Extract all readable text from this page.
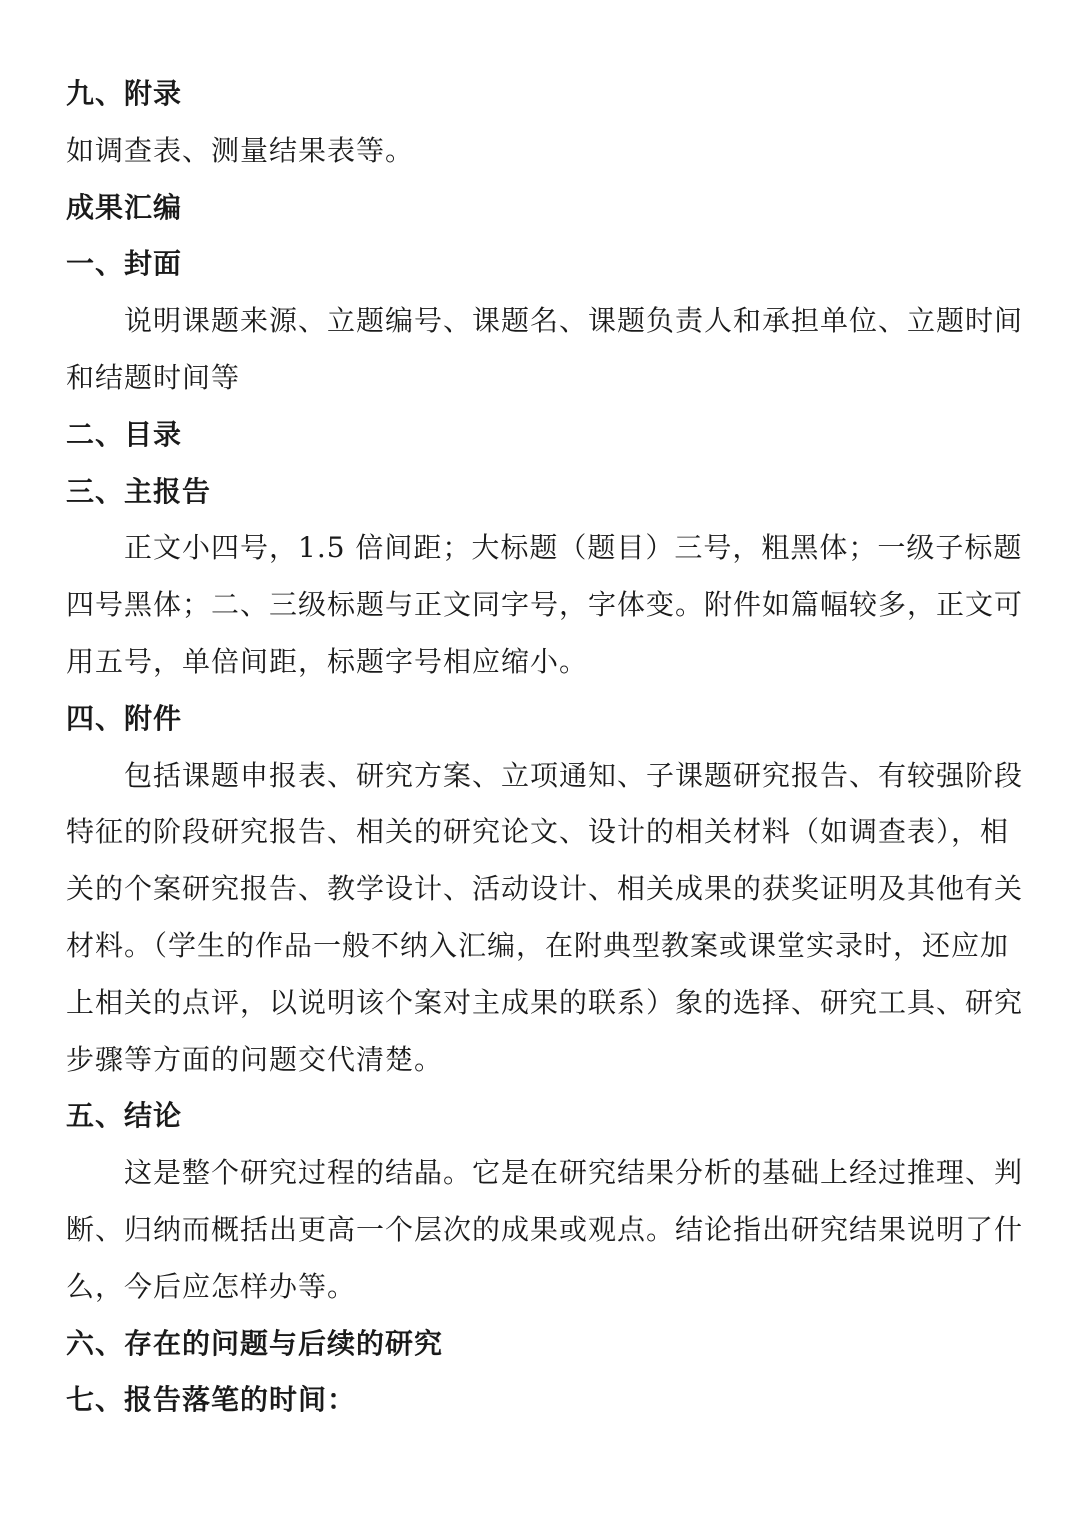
九、附录
如调查表、测量结果表等。
成果汇编
一、封面
说明课题来源、立题编号、课题名、课题负责人和承担单位、立题时间
和结题时间等
二、目录
三、主报告
正文小四号，1.5 倍间距；大标题（题目）三号，粗黑体；一级子标题
四号黑体；二、三级标题与正文同字号，字体变。附件如篇幅较多，正文可
用五号，单倍间距，标题字号相应缩小。
四、附件
包括课题申报表、研究方案、立项通知、子课题研究报告、有较强阶段
特征的阶段研究报告、相关的研究论文、设计的相关材料（如调查表），相
关的个案研究报告、教学设计、活动设计、相关成果的获奖证明及其他有关
材料。（学生的作品一般不纳入汇编，在附典型教案或课堂实录时，还应加
上相关的点评，以说明该个案对主成果的联系）象的选择、研究工具、研究
步骤等方面的问题交代清楚。
五、结论
这是整个研究过程的结晶。它是在研究结果分析的基础上经过推理、判
断、归纳而概括出更高一个层次的成果或观点。结论指出研究结果说明了什
么，今后应怎样办等。
六、存在的问题与后续的研究
七、报告落笔的时间：
